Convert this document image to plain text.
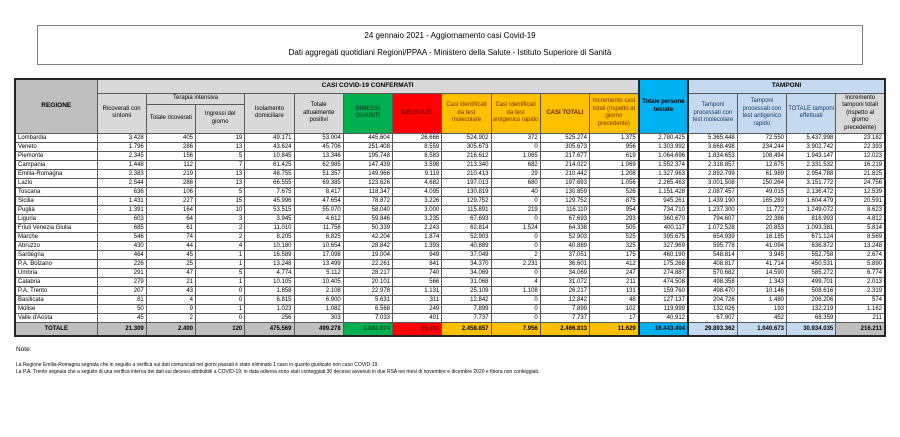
24 gennaio 2021 - Aggiornamento casi Covid-19
Dati aggregati quotidiani Regioni/PPAA - Ministero della Salute - Istituto Superiore di Sanità
REGIONE	CASI COVID-19 CONFERMATI											Totale persone testate	TAMPONI			
	Ricoverati con sintomi	Terapia intensiva		Isolamento domiciliare	Totale attualmente positivi	DIMESSI GUARITI	DECEDUTI	Casi identificati da test molecolare	Casi identificati da test antigenico rapido	CASI TOTALI	Incremento casi totali (rispetto al giorno precedente)		Tamponi processati con test molecolare	Tamponi processati con test antigenico rapido	TOTALE tamponi effettuati	Incremento tamponi totali (rispetto al giorno precedente)
		Totale ricoverati	Ingressi del giorno													
Lombardia	3.428	405	19	49.171	53.004	445.604	26.666	524.902	372	525.274	1.375	2.780.425	5.365.448	72.550	5.437.998	23.182
Veneto	1.796	286	13	43.624	45.706	251.408	8.559	305.673	0	305.673	956	1.303.992	3.668.498	234.244	3.902.742	22.393
Piemonte	2.345	156	5	10.845	13.346	195.748	8.583	216.612	1.065	217.677	619	1.064.696	1.834.653	108.494	1.943.147	12.023
Campania	1.448	112	7	61.425	62.985	147.439	3.598	213.340	682	214.022	1.069	1.552.374	2.318.857	12.675	2.331.532	16.219
Emilia-Romagna	2.383	219	13	48.755	51.357	149.966	9.119	210.413	29	210.442	1.208	1.327.963	2.892.799	61.989	2.954.788	21.825
Lazio	2.544	286	13	66.555	69.385	123.626	4.682	197.013	680	197.693	1.056	2.265.463	3.001.508	150.264	3.151.772	24.756
Toscana	636	106	5	7.675	8.417	118.347	4.095	130.819	40	130.859	526	1.151.428	2.087.457	49.015	2.136.472	12.539
Sicilia	1.431	227	15	45.996	47.654	78.872	3.226	129.752	0	129.752	875	945.261	1.439.190	165.289	1.604.479	20.591
Puglia	1.391	164	10	53.515	55.070	58.040	3.000	115.891	219	116.110	954	734.710	1.237.300	11.772	1.249.072	8.623
Liguria	603	64	3	3.945	4.612	59.846	3.235	67.693	0	67.693	293	360.670	794.607	22.386	816.993	4.812
Friuli Venezia Giulia	685	61	2	11.010	11.756	50.339	2.243	62.814	1.524	64.338	505	400.117	1.072.528	20.853	1.093.381	5.814
Marche	546	74	2	8.205	8.825	42.204	1.874	52.903	0	52.903	525	395.675	654.939	16.185	671.124	8.569
Abruzzo	430	44	4	10.180	10.654	28.842	1.393	40.889	0	40.889	325	327.969	595.778	41.094	636.872	13.248
Sardegna	464	45	1	16.589	17.098	19.004	949	37.049	2	37.051	175	460.190	548.814	3.945	552.758	2.674
P.A. Bolzano	226	25	1	13.248	13.499	22.261	841	34.370	2.231	36.601	412	175.268	408.817	41.714	450.531	5.890
Umbria	291	47	5	4.774	5.112	28.217	740	34.069	0	34.069	247	274.887	570.682	14.590	585.272	6.774
Calabria	279	21	1	10.105	10.405	20.101	566	31.068	4	31.072	211	474.508	498.358	1.343	499.701	2.013
P.A. Trento	207	43	0	1.858	2.108	22.978	1.131	25.109	1.108	26.217	131	159.760	498.470	10.146	508.616	2.319
Basilicata	81	4	0	6.815	6.900	5.631	311	12.842	0	12.842	48	127.137	204.726	1.480	206.206	574
Molise	50	9	1	1.023	1.082	6.568	249	7.899	0	7.899	102	119.999	132.026	193	132.219	1.162
Valle d'Aosta	45	2	0	256	303	7.033	401	7.737	0	7.737	17	40.912	67.907	452	68.359	211
TOTALE	21.309	2.400	120	475.569	499.278	1.882.074	85.461	2.458.857	7.956	2.466.813	11.629	16.443.404	29.893.362	1.040.673	30.934.035	216.211
Note:
La Regione Emilia-Romagna segnala che in seguito a verifica sui dati comunicati nei giorni passati è stato eliminato 1 caso in quanto giudicato non caso COVID-19.
La P.A. Trento segnala che a seguito di una verifica interna dei dati sui decessi attribuibili a COVID-19, in data odierna sono stati conteggiati 30 decessi avvenuti in due RSA nei mesi di novembre e dicembre 2020 e finora non conteggiati.
